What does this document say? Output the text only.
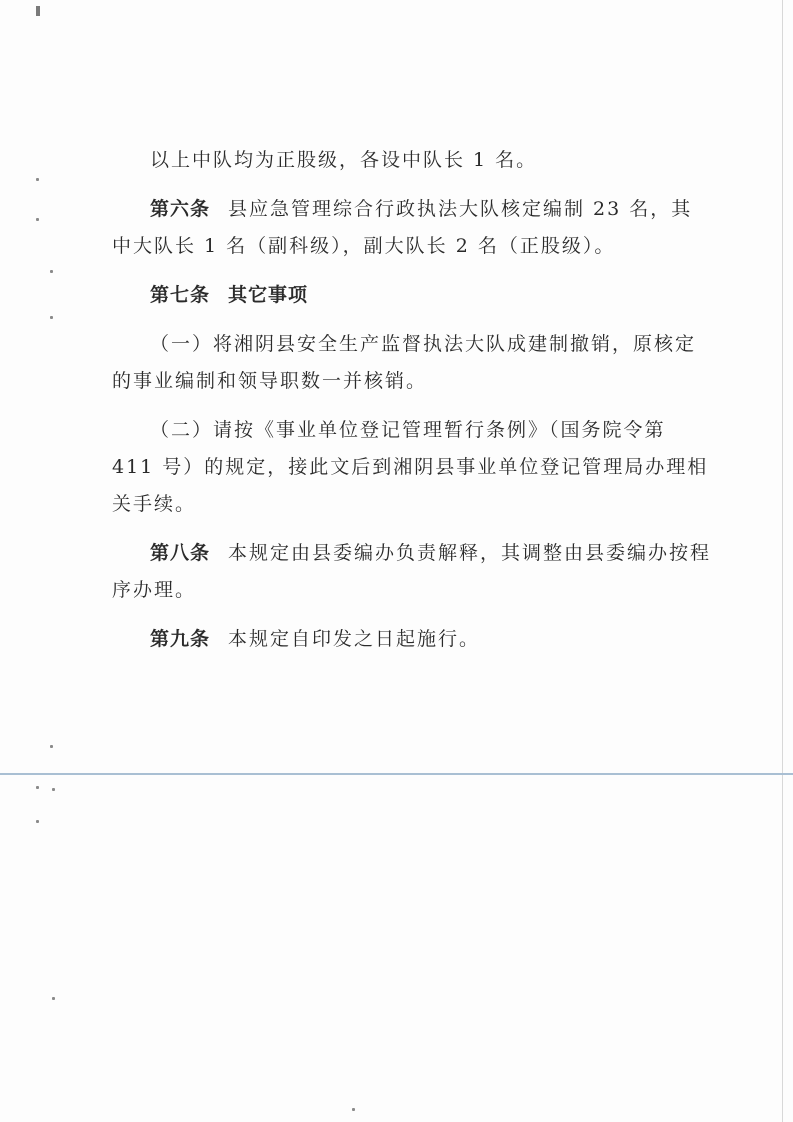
以上中队均为正股级，各设中队长 1 名。

第六条 县应急管理综合行政执法大队核定编制 23 名，其中大队长 1 名（副科级），副大队长 2 名（正股级）。

第七条 其它事项

（一）将湘阴县安全生产监督执法大队成建制撤销，原核定的事业编制和领导职数一并核销。

（二）请按《事业单位登记管理暂行条例》（国务院令第 411 号）的规定，接此文后到湘阴县事业单位登记管理局办理相关手续。

第八条 本规定由县委编办负责解释，其调整由县委编办按程序办理。

第九条 本规定自印发之日起施行。
